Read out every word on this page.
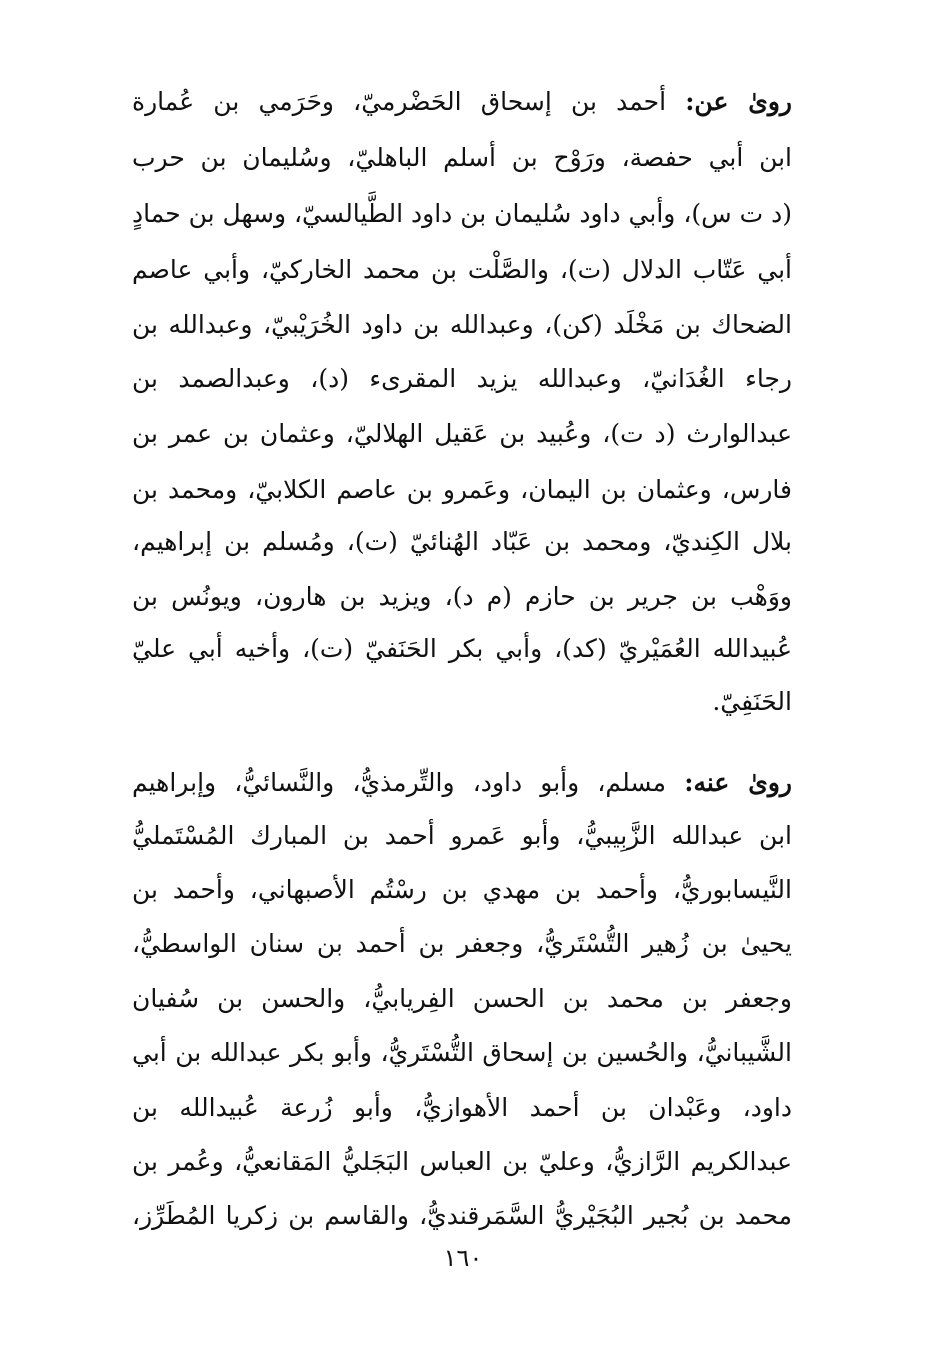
روىٰ عن: أحمد بن إسحاق الحَضْرميّ، وحَرَمي بن عُمارة
ابن أبي حفصة، ورَوْح بن أسلم الباهليّ، وسُليمان بن حرب
(د ت س)، وأبي داود سُليمان بن داود الطَّيالسيّ، وسهل بن حمادٍ
أبي عَتّاب الدلال (ت)، والصَّلْت بن محمد الخاركيّ، وأبي عاصم
الضحاك بن مَخْلَد (كن)، وعبدالله بن داود الخُرَيْبيّ، وعبدالله بن
رجاء الغُدَانيّ، وعبدالله يزيد المقرىء (د)، وعبدالصمد بن
عبدالوارث (د ت)، وعُبيد بن عَقيل الهلاليّ، وعثمان بن عمر بن
فارس، وعثمان بن اليمان، وعَمرو بن عاصم الكلابيّ، ومحمد بن
بلال الكِنديّ، ومحمد بن عَبّاد الهُنائيّ (ت)، ومُسلم بن إبراهيم،
ووَهْب بن جرير بن حازم (م د)، ويزيد بن هارون، ويونُس بن
عُبيدالله العُمَيْريّ (كد)، وأبي بكر الحَنَفيّ (ت)، وأخيه أبي عليّ
الحَنَفِيّ.
روىٰ عنه: مسلم، وأبو داود، والتِّرمذيُّ، والنَّسائيُّ، وإبراهيم
ابن عبدالله الزَّبِيبيُّ، وأبو عَمرو أحمد بن المبارك المُسْتَمليُّ
النَّيسابوريُّ، وأحمد بن مهدي بن رسْتُم الأصبهاني، وأحمد بن
يحيىٰ بن زُهير التُّسْتَريُّ، وجعفر بن أحمد بن سنان الواسطيُّ،
وجعفر بن محمد بن الحسن الفِريابيُّ، والحسن بن سُفيان
الشَّيبانيُّ، والحُسين بن إسحاق التُّسْتَريُّ، وأبو بكر عبدالله بن أبي
داود، وعَبْدان بن أحمد الأهوازيُّ، وأبو زُرعة عُبيدالله بن
عبدالكريم الرَّازيُّ، وعليّ بن العباس البَجَليُّ المَقانعيُّ، وعُمر بن
محمد بن بُجير البُجَيْريُّ السَّمَرقنديُّ، والقاسم بن زكريا المُطَرِّز،
١٦٠
